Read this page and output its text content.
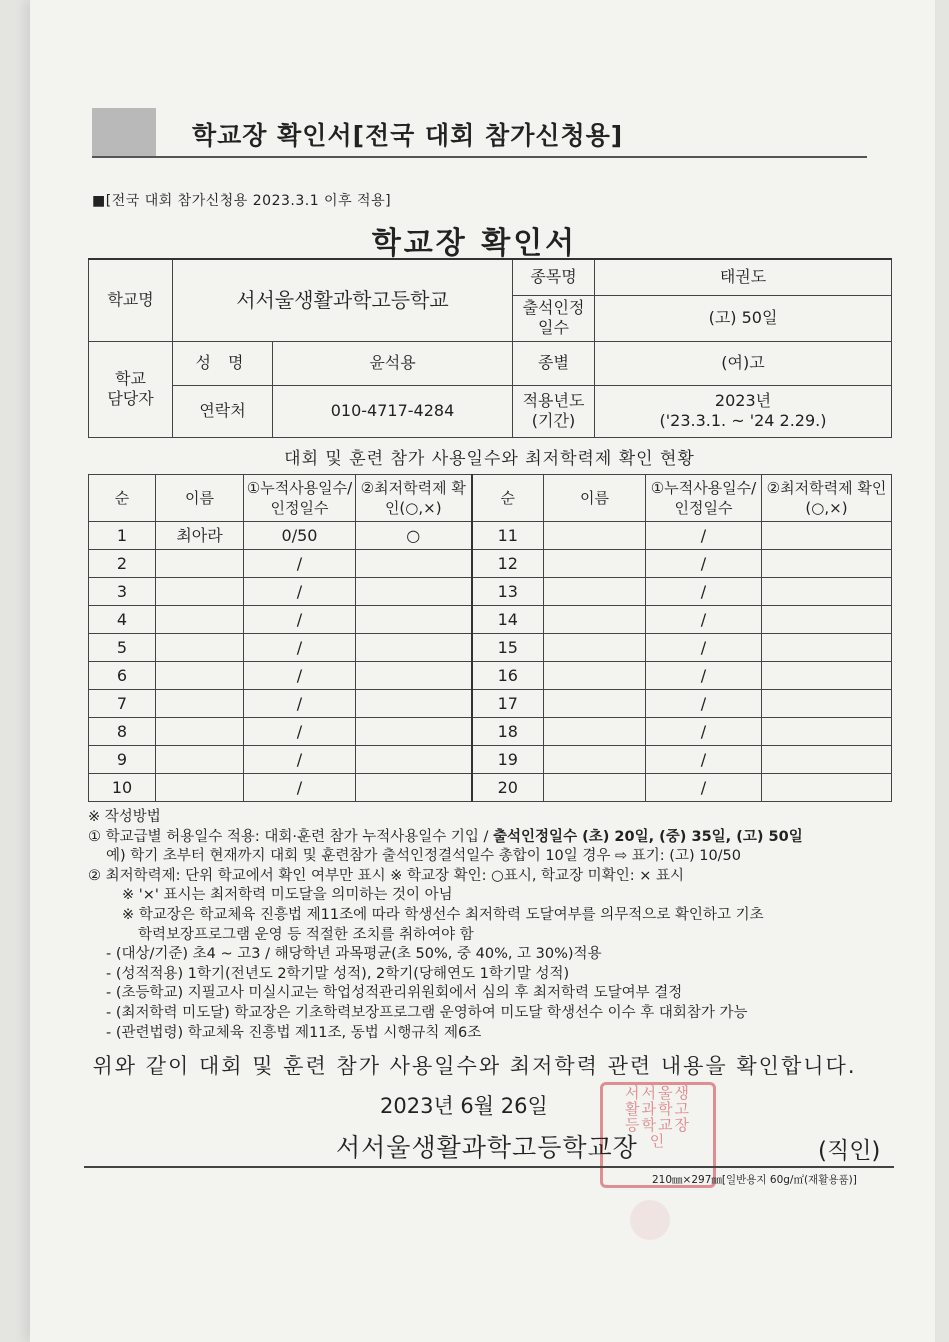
학교장 확인서[전국 대회 참가신청용]
■[전국 대회 참가신청용 2023.3.1 이후 적용]
학교장 확인서
학교명	서서울생활과학고등학교		종목명	태권도
			출석인정 일수	(고) 50일
학교 담당자	성 명	윤석용	종별	(여)고
	연락처	010-4717-4284	적용년도 (기간)	2023년
('23.3.1. ~ '24 2.29.)
대회 및 훈련 참가 사용일수와 최저학력제 확인 현황
순	이름	①누적사용일수/인정일수	②최저학력제 확인(○,×)	순	이름	①누적사용일수/인정일수	②최저학력제 확인(○,×)
1	최아라	0/50	○	11		/	
2		/		12		/	
3		/		13		/	
4		/		14		/	
5		/		15		/	
6		/		16		/	
7		/		17		/	
8		/		18		/	
9		/		19		/	
10		/		20		/	
※ 작성방법
① 학교급별 허용일수 적용: 대회·훈련 참가 누적사용일수 기입 / 출석인정일수 (초) 20일, (중) 35일, (고) 50일
예) 학기 초부터 현재까지 대회 및 훈련참가 출석인정결석일수 총합이 10일 경우 ⇨ 표기: (고) 10/50
② 최저학력제: 단위 학교에서 확인 여부만 표시 ※ 학교장 확인: ○표시, 학교장 미확인: × 표시
※ '×' 표시는 최저학력 미도달을 의미하는 것이 아님
※ 학교장은 학교체육 진흥법 제11조에 따라 학생선수 최저학력 도달여부를 의무적으로 확인하고 기초
학력보장프로그램 운영 등 적절한 조치를 취하여야 함
- (대상/기준) 초4 ~ 고3 / 해당학년 과목평균(초 50%, 중 40%, 고 30%)적용
- (성적적용) 1학기(전년도 2학기말 성적), 2학기(당해연도 1학기말 성적)
- (초등학교) 지필고사 미실시교는 학업성적관리위원회에서 심의 후 최저학력 도달여부 결정
- (최저학력 미도달) 학교장은 기초학력보장프로그램 운영하여 미도달 학생선수 이수 후 대회참가 가능
- (관련법령) 학교체육 진흥법 제11조, 동법 시행규칙 제6조
위와 같이 대회 및 훈련 참가 사용일수와 최저학력 관련 내용을 확인합니다.
2023년 6월 26일
서서울생
활과학고
등학교장
인
서서울생활과학고등학교장	(직인)
210㎜×297㎜[일반용지 60g/㎡(재활용품)]
